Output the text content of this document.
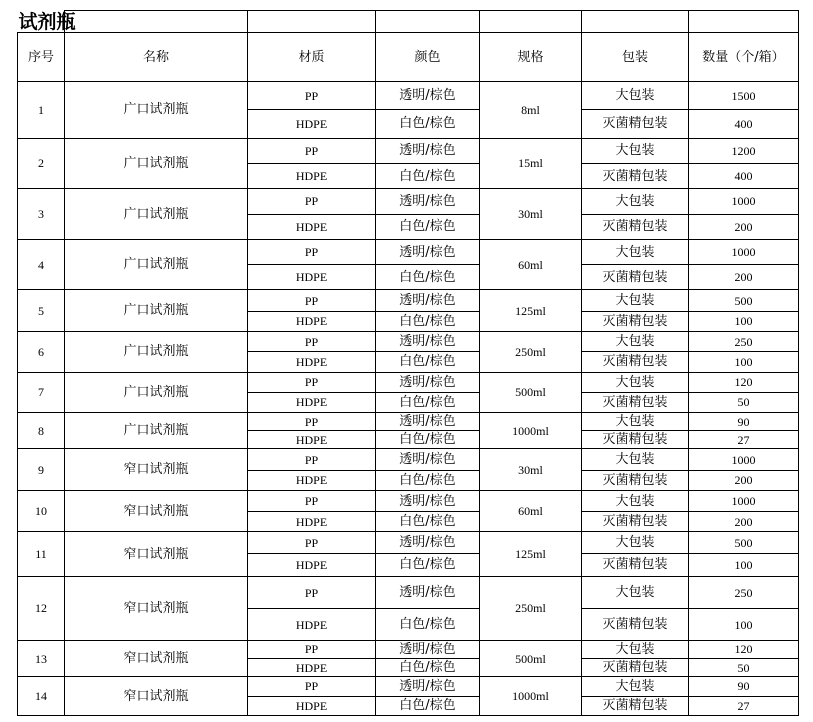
试剂瓶						
序号	名称	材质	颜色	规格	包装	数量（个/箱）
1	广口试剂瓶	PP	透明/棕色	8ml	大包装	1500
		HDPE	白色/棕色		灭菌精包装	400
2	广口试剂瓶	PP	透明/棕色	15ml	大包装	1200
		HDPE	白色/棕色		灭菌精包装	400
3	广口试剂瓶	PP	透明/棕色	30ml	大包装	1000
		HDPE	白色/棕色		灭菌精包装	200
4	广口试剂瓶	PP	透明/棕色	60ml	大包装	1000
		HDPE	白色/棕色		灭菌精包装	200
5	广口试剂瓶	PP	透明/棕色	125ml	大包装	500
		HDPE	白色/棕色		灭菌精包装	100
6	广口试剂瓶	PP	透明/棕色	250ml	大包装	250
		HDPE	白色/棕色		灭菌精包装	100
7	广口试剂瓶	PP	透明/棕色	500ml	大包装	120
		HDPE	白色/棕色		灭菌精包装	50
8	广口试剂瓶	PP	透明/棕色	1000ml	大包装	90
		HDPE	白色/棕色		灭菌精包装	27
9	窄口试剂瓶	PP	透明/棕色	30ml	大包装	1000
		HDPE	白色/棕色		灭菌精包装	200
10	窄口试剂瓶	PP	透明/棕色	60ml	大包装	1000
		HDPE	白色/棕色		灭菌精包装	200
11	窄口试剂瓶	PP	透明/棕色	125ml	大包装	500
		HDPE	白色/棕色		灭菌精包装	100
12	窄口试剂瓶	PP	透明/棕色	250ml	大包装	250
		HDPE	白色/棕色		灭菌精包装	100
13	窄口试剂瓶	PP	透明/棕色	500ml	大包装	120
		HDPE	白色/棕色		灭菌精包装	50
14	窄口试剂瓶	PP	透明/棕色	1000ml	大包装	90
		HDPE	白色/棕色		灭菌精包装	27
